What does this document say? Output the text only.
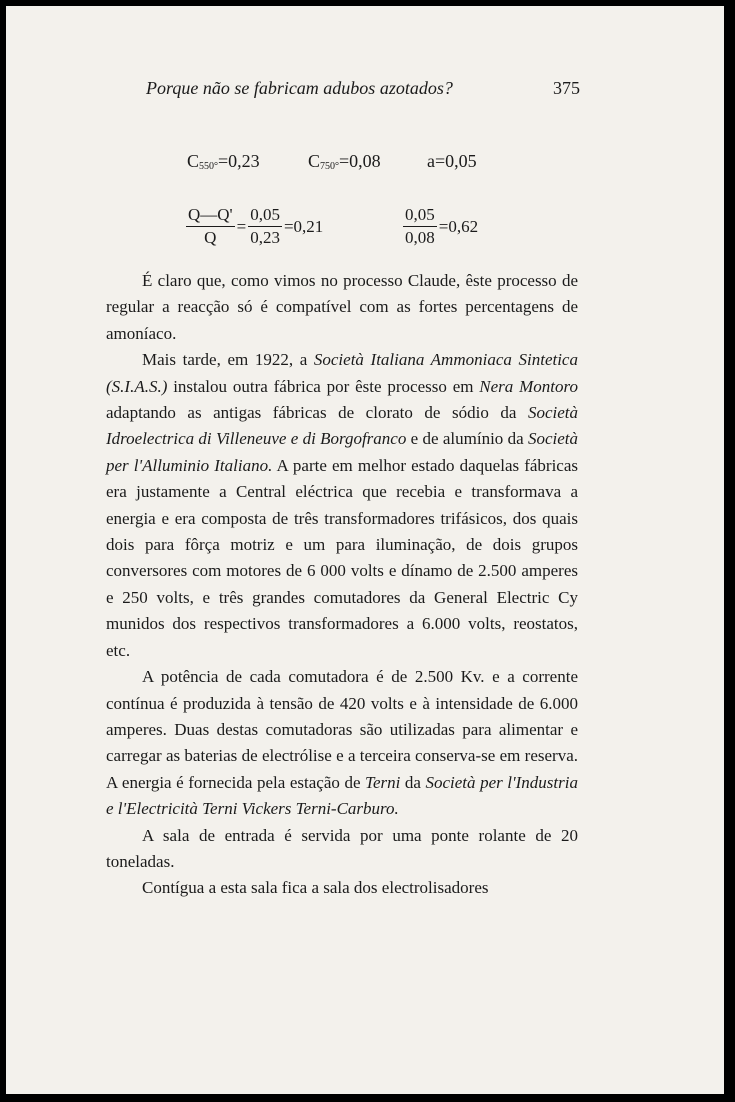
Porque não se fabricam adubos azotados?	375
$C_{550^\circ}=0,23$	$C_{750^\circ}=0,08$	a=0,05
$\frac{Q—Q'}{Q} = \frac{0,05}{0,23} =0,21$	$\frac{0,05}{0,08} =0,62$

É claro que, como vimos no processo Claude, êste processo de regular a reacção só é compatível com as fortes percentagens de amoníaco.

Mais tarde, em 1922, a Società Italiana Ammoniaca Sintetica (S.I.A.S.) instalou outra fábrica por êste processo em Nera Montoro adaptando as antigas fábricas de clorato de sódio da Società Idroelectrica di Villeneuve e di Borgofranco e de alumínio da Società per l'Alluminio Italiano. A parte em melhor estado daquelas fábricas era justamente a Central eléctrica que recebia e transformava a energia e era composta de três transformadores trifásicos, dos quais dois para fôrça motriz e um para iluminação, de dois grupos conversores com motores de 6 000 volts e dínamo de 2.500 amperes e 250 volts, e três grandes comutadores da General Electric Cy munidos dos respectivos transformadores a 6.000 volts, reostatos, etc.

A potência de cada comutadora é de 2.500 Kv. e a corrente contínua é produzida à tensão de 420 volts e à intensidade de 6.000 amperes. Duas destas comutadoras são utilizadas para alimentar e carregar as baterias de electrólise e a terceira conserva-se em reserva. A energia é fornecida pela estação de Terni da Società per l'Industria e l'Electricità Terni Vickers Terni-Carburo.

A sala de entrada é servida por uma ponte rolante de 20 toneladas.

Contígua a esta sala fica a sala dos electrolisadores
